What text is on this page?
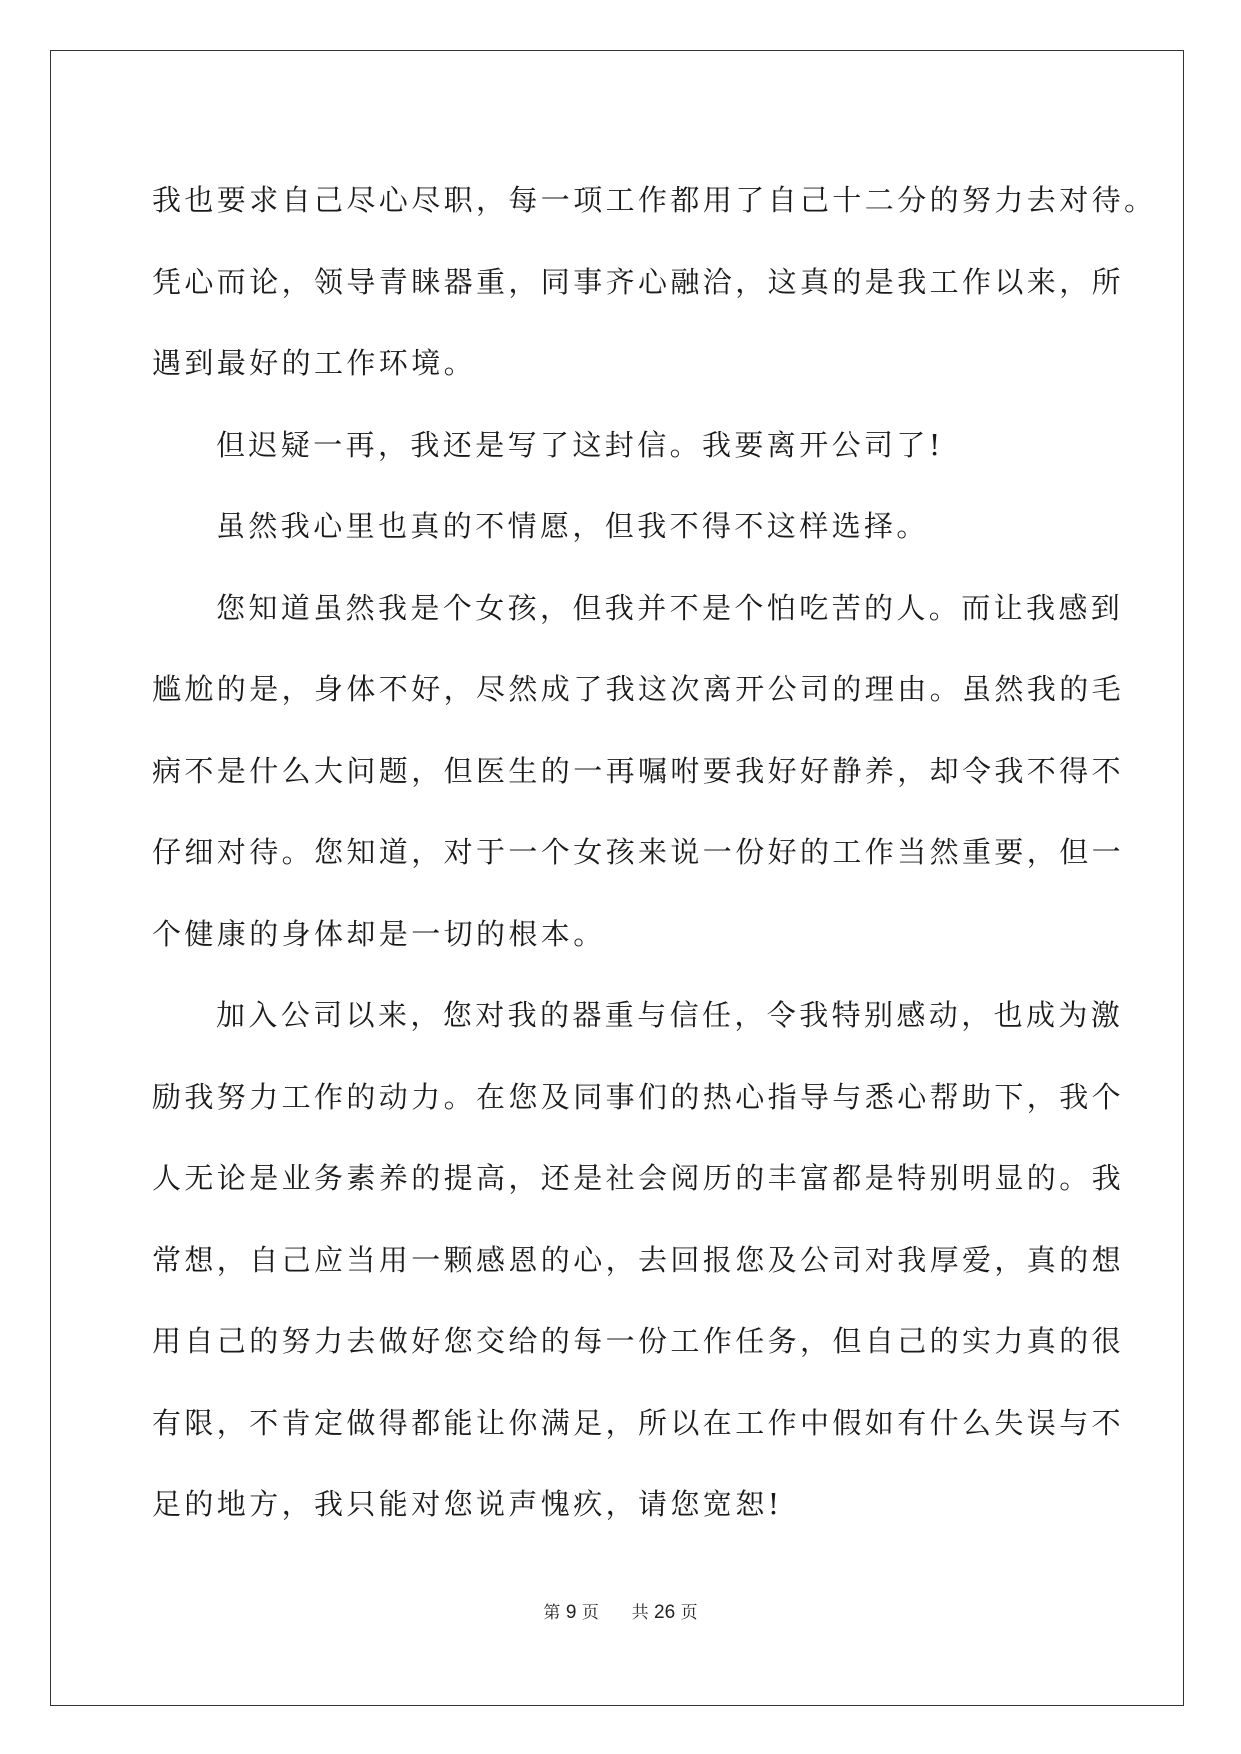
我也要求自己尽心尽职，每一项工作都用了自己十二分的努力去对待。
凭心而论，领导青睐器重，同事齐心融洽，这真的是我工作以来，所
遇到最好的工作环境。
但迟疑一再，我还是写了这封信。我要离开公司了!
虽然我心里也真的不情愿，但我不得不这样选择。
您知道虽然我是个女孩，但我并不是个怕吃苦的人。而让我感到
尴尬的是，身体不好，尽然成了我这次离开公司的理由。虽然我的毛
病不是什么大问题，但医生的一再嘱咐要我好好静养，却令我不得不
仔细对待。您知道，对于一个女孩来说一份好的工作当然重要，但一
个健康的身体却是一切的根本。
加入公司以来，您对我的器重与信任，令我特别感动，也成为激
励我努力工作的动力。在您及同事们的热心指导与悉心帮助下，我个
人无论是业务素养的提高，还是社会阅历的丰富都是特别明显的。我
常想，自己应当用一颗感恩的心，去回报您及公司对我厚爱，真的想
用自己的努力去做好您交给的每一份工作任务，但自己的实力真的很
有限，不肯定做得都能让你满足，所以在工作中假如有什么失误与不
足的地方，我只能对您说声愧疚，请您宽恕!
第 9 页 共 26 页
